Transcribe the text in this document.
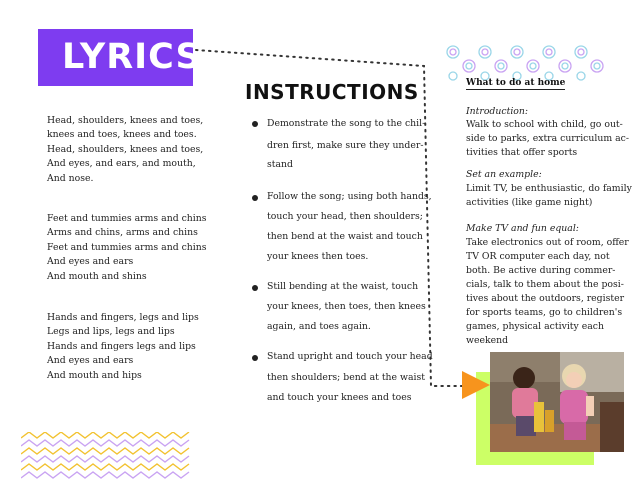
LYRICS
Head, shoulders, knees and toes,
knees and toes, knees and toes.
Head, shoulders, knees and toes,
And eyes, and ears, and mouth,
And nose.
Feet and tummies arms and chins
Arms and chins, arms and chins
Feet and tummies arms and chins
And eyes and ears
And mouth and shins
Hands and fingers, legs and lips
Legs and lips, legs and lips
Hands and fingers legs and lips
And eyes and ears
And mouth and hips
INSTRUCTIONS
Demonstrate the song to the chil-
dren first, make sure they under-
stand
Follow the song; using both hands,
touch your head, then shoulders;
then bend at the waist and touch
your knees then toes.
Still bending at the waist, touch
your knees, then toes, then knees
again, and toes again.
Stand upright and touch your head
then shoulders; bend at the waist
and touch your knees and toes
What to do at home
Introduction:
Walk to school with child, go out-
side to parks, extra curriculum ac-
tivities that offer sports
Set an example:
Limit TV, be enthusiastic, do family
activities (like game night)
Make TV and fun equal:
Take electronics out of room, offer
TV OR computer each day, not
both. Be active during commer-
cials, talk to them about the posi-
tives about the outdoors, register
for sports teams, go to children's
games, physical activity each
weekend
